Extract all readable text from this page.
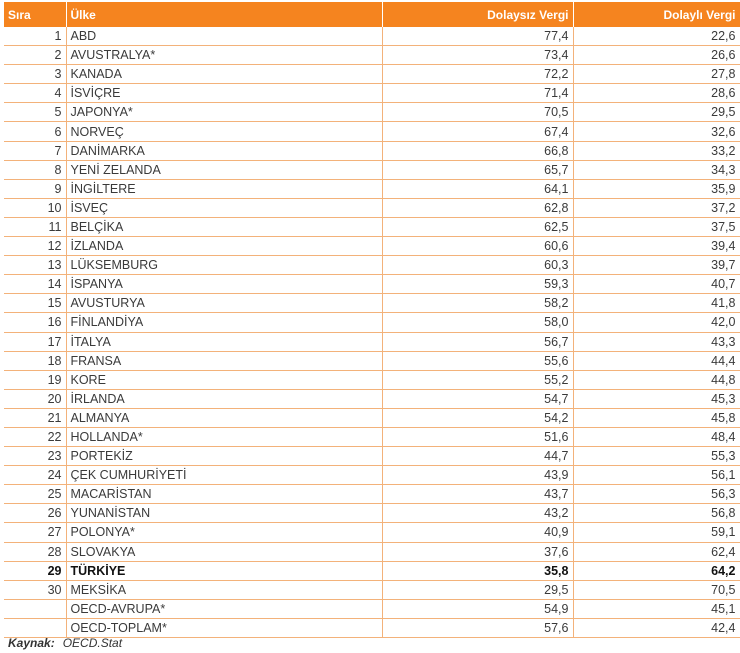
Sıra	Ülke	Dolaysız Vergi	Dolaylı Vergi
1	ABD	77,4	22,6
2	AVUSTRALYA*	73,4	26,6
3	KANADA	72,2	27,8
4	İSVİÇRE	71,4	28,6
5	JAPONYA*	70,5	29,5
6	NORVEÇ	67,4	32,6
7	DANİMARKA	66,8	33,2
8	YENİ ZELANDA	65,7	34,3
9	İNGİLTERE	64,1	35,9
10	İSVEÇ	62,8	37,2
11	BELÇİKA	62,5	37,5
12	İZLANDA	60,6	39,4
13	LÜKSEMBURG	60,3	39,7
14	İSPANYA	59,3	40,7
15	AVUSTURYA	58,2	41,8
16	FİNLANDİYA	58,0	42,0
17	İTALYA	56,7	43,3
18	FRANSA	55,6	44,4
19	KORE	55,2	44,8
20	İRLANDA	54,7	45,3
21	ALMANYA	54,2	45,8
22	HOLLANDA*	51,6	48,4
23	PORTEKİZ	44,7	55,3
24	ÇEK CUMHURİYETİ	43,9	56,1
25	MACARİSTAN	43,7	56,3
26	YUNANİSTAN	43,2	56,8
27	POLONYA*	40,9	59,1
28	SLOVAKYA	37,6	62,4
29	TÜRKİYE	35,8	64,2
30	MEKSİKA	29,5	70,5
	OECD-AVRUPA*	54,9	45,1
	OECD-TOPLAM*	57,6	42,4
Kaynak: OECD.Stat
